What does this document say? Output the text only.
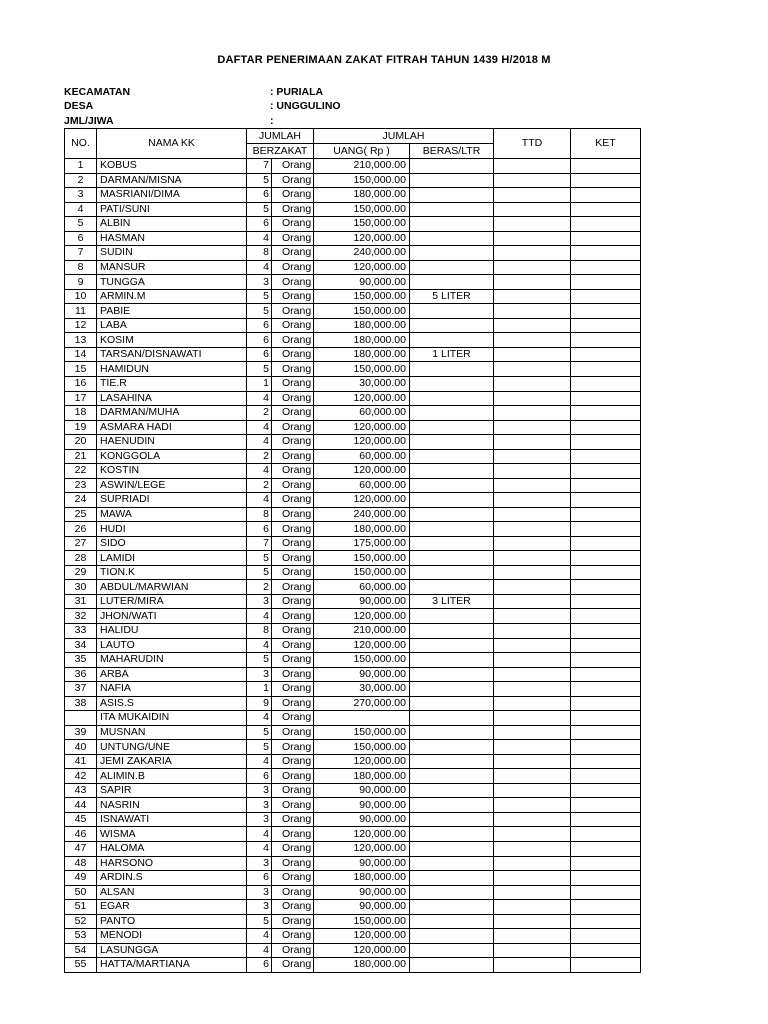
DAFTAR PENERIMAAN ZAKAT FITRAH TAHUN 1439 H/2018 M
KECAMATAN	: PURIALA
DESA	: UNGGULINO
JML/JIWA	:
NO.	NAMA KK	JUMLAH		JUMLAH		TTD	KET
		BERZAKAT		UANG( Rp )	BERAS/LTR		
1	KOBUS	7	Orang	210,000.00			
2	DARMAN/MISNA	5	Orang	150,000.00			
3	MASRIANI/DIMA	6	Orang	180,000.00			
4	PATI/SUNI	5	Orang	150,000.00			
5	ALBIN	6	Orang	150,000.00			
6	HASMAN	4	Orang	120,000.00			
7	SUDIN	8	Orang	240,000.00			
8	MANSUR	4	Orang	120,000.00			
9	TUNGGA	3	Orang	90,000.00			
10	ARMIN.M	5	Orang	150,000.00	5 LITER		
11	PABIE	5	Orang	150,000.00			
12	LABA	6	Orang	180,000.00			
13	KOSIM	6	Orang	180,000.00			
14	TARSAN/DISNAWATI	6	Orang	180,000.00	1 LITER		
15	HAMIDUN	5	Orang	150,000.00			
16	TIE.R	1	Orang	30,000.00			
17	LASAHINA	4	Orang	120,000.00			
18	DARMAN/MUHA	2	Orang	60,000.00			
19	ASMARA HADI	4	Orang	120,000.00			
20	HAENUDIN	4	Orang	120,000.00			
21	KONGGOLA	2	Orang	60,000.00			
22	KOSTIN	4	Orang	120,000.00			
23	ASWIN/LEGE	2	Orang	60,000.00			
24	SUPRIADI	4	Orang	120,000.00			
25	MAWA	8	Orang	240,000.00			
26	HUDI	6	Orang	180,000.00			
27	SIDO	7	Orang	175,000.00			
28	LAMIDI	5	Orang	150,000.00			
29	TION.K	5	Orang	150,000.00			
30	ABDUL/MARWIAN	2	Orang	60,000.00			
31	LUTER/MIRA	3	Orang	90,000.00	3 LITER		
32	JHON/WATI	4	Orang	120,000.00			
33	HALIDU	8	Orang	210,000.00			
34	LAUTO	4	Orang	120,000.00			
35	MAHARUDIN	5	Orang	150,000.00			
36	ARBA	3	Orang	90,000.00			
37	NAFIA	1	Orang	30,000.00			
38	ASIS.S	9	Orang	270,000.00			
	ITA MUKAIDIN	4	Orang				
39	MUSNAN	5	Orang	150,000.00			
40	UNTUNG/UNE	5	Orang	150,000.00			
41	JEMI ZAKARIA	4	Orang	120,000.00			
42	ALIMIN.B	6	Orang	180,000.00			
43	SAPIR	3	Orang	90,000.00			
44	NASRIN	3	Orang	90,000.00			
45	ISNAWATI	3	Orang	90,000.00			
46	WISMA	4	Orang	120,000.00			
47	HALOMA	4	Orang	120,000.00			
48	HARSONO	3	Orang	90,000.00			
49	ARDIN.S	6	Orang	180,000.00			
50	ALSAN	3	Orang	90,000.00			
51	EGAR	3	Orang	90,000.00			
52	PANTO	5	Orang	150,000.00			
53	MENODI	4	Orang	120,000.00			
54	LASUNGGA	4	Orang	120,000.00			
55	HATTA/MARTIANA	6	Orang	180,000.00			
